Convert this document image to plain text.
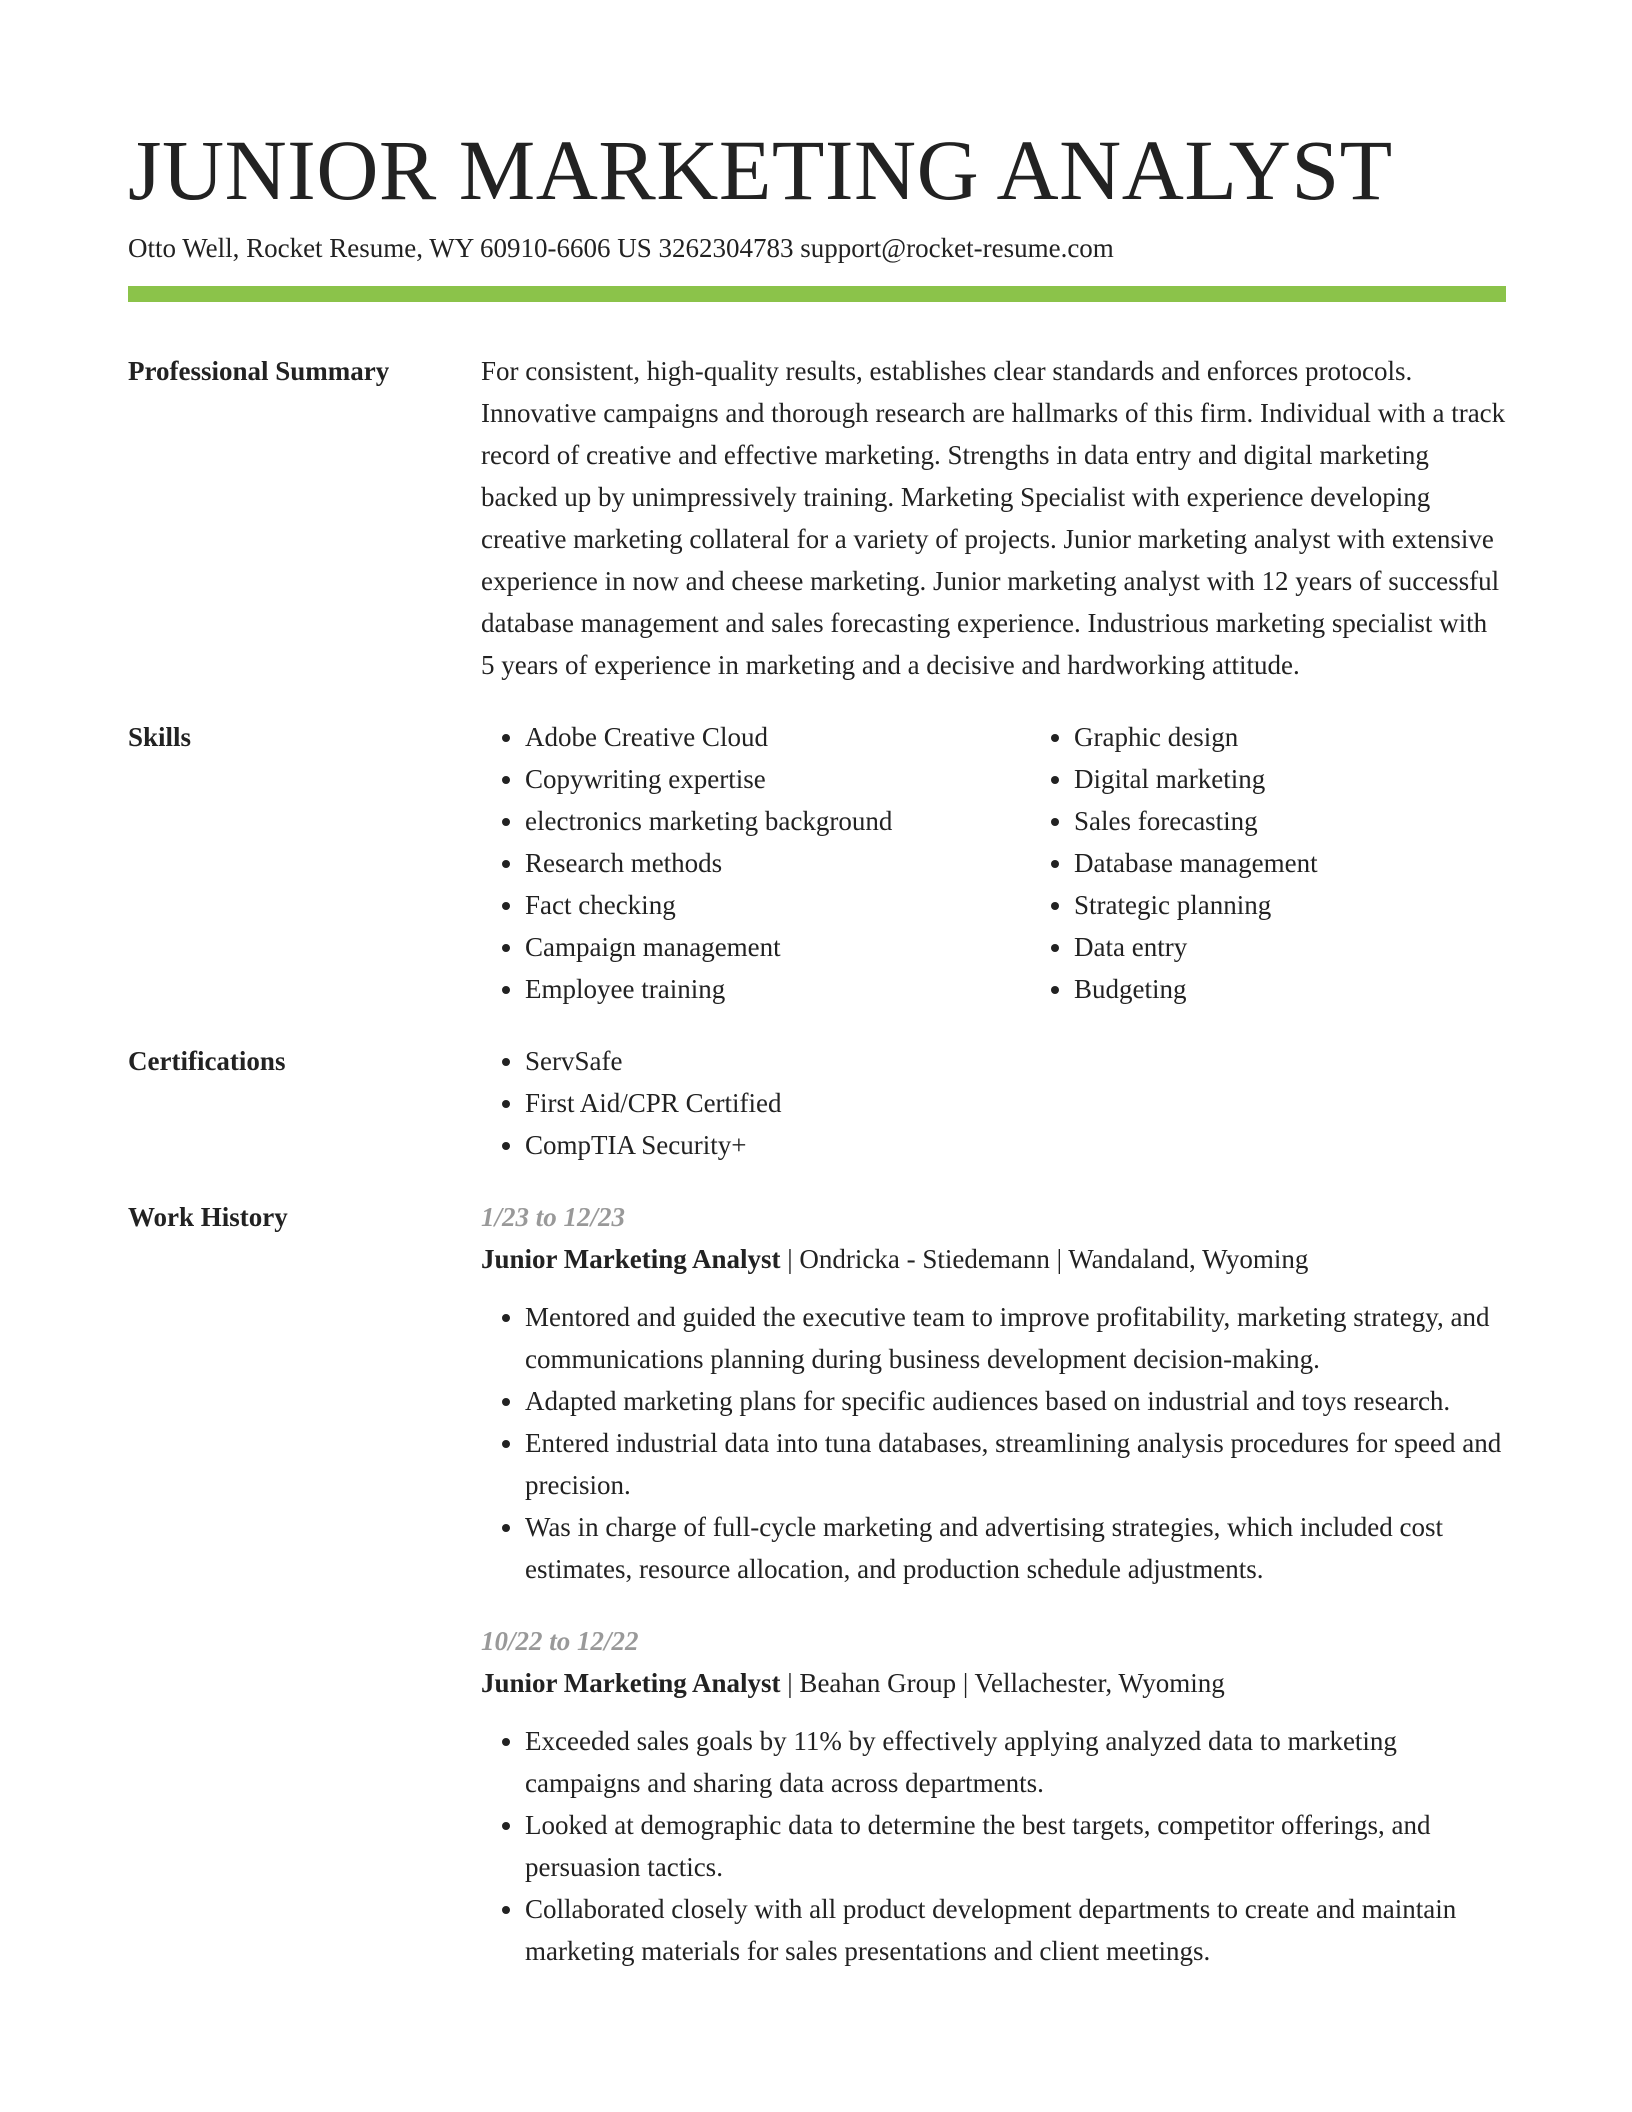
JUNIOR MARKETING ANALYST
Otto Well, Rocket Resume, WY 60910-6606 US 3262304783 support@rocket-resume.com
Professional Summary	For consistent, high-quality results, establishes clear standards and enforces protocols. Innovative campaigns and thorough research are hallmarks of this firm. Individual with a track record of creative and effective marketing. Strengths in data entry and digital marketing backed up by unimpressively training. Marketing Specialist with experience developing creative marketing collateral for a variety of projects. Junior marketing analyst with extensive experience in now and cheese marketing. Junior marketing analyst with 12 years of successful database management and sales forecasting experience. Industrious marketing specialist with 5 years of experience in marketing and a decisive and hardworking attitude.

Skills	• Adobe Creative Cloud
• Copywriting expertise
• electronics marketing background
• Research methods
• Fact checking
• Campaign management
• Employee training
• Graphic design
• Digital marketing
• Sales forecasting
• Database management
• Strategic planning
• Data entry
• Budgeting
Certifications	• ServSafe
• First Aid/CPR Certified
• CompTIA Security+
Work History	1/23 to 12/23
Junior Marketing Analyst | Ondricka - Stiedemann | Wandaland, Wyoming
• Mentored and guided the executive team to improve profitability, marketing strategy, and communications planning during business development decision-making.
• Adapted marketing plans for specific audiences based on industrial and toys research.
• Entered industrial data into tuna databases, streamlining analysis procedures for speed and precision.
• Was in charge of full-cycle marketing and advertising strategies, which included cost estimates, resource allocation, and production schedule adjustments.
10/22 to 12/22
Junior Marketing Analyst | Beahan Group | Vellachester, Wyoming
• Exceeded sales goals by 11% by effectively applying analyzed data to marketing campaigns and sharing data across departments.
• Looked at demographic data to determine the best targets, competitor offerings, and persuasion tactics.
• Collaborated closely with all product development departments to create and maintain marketing materials for sales presentations and client meetings.
